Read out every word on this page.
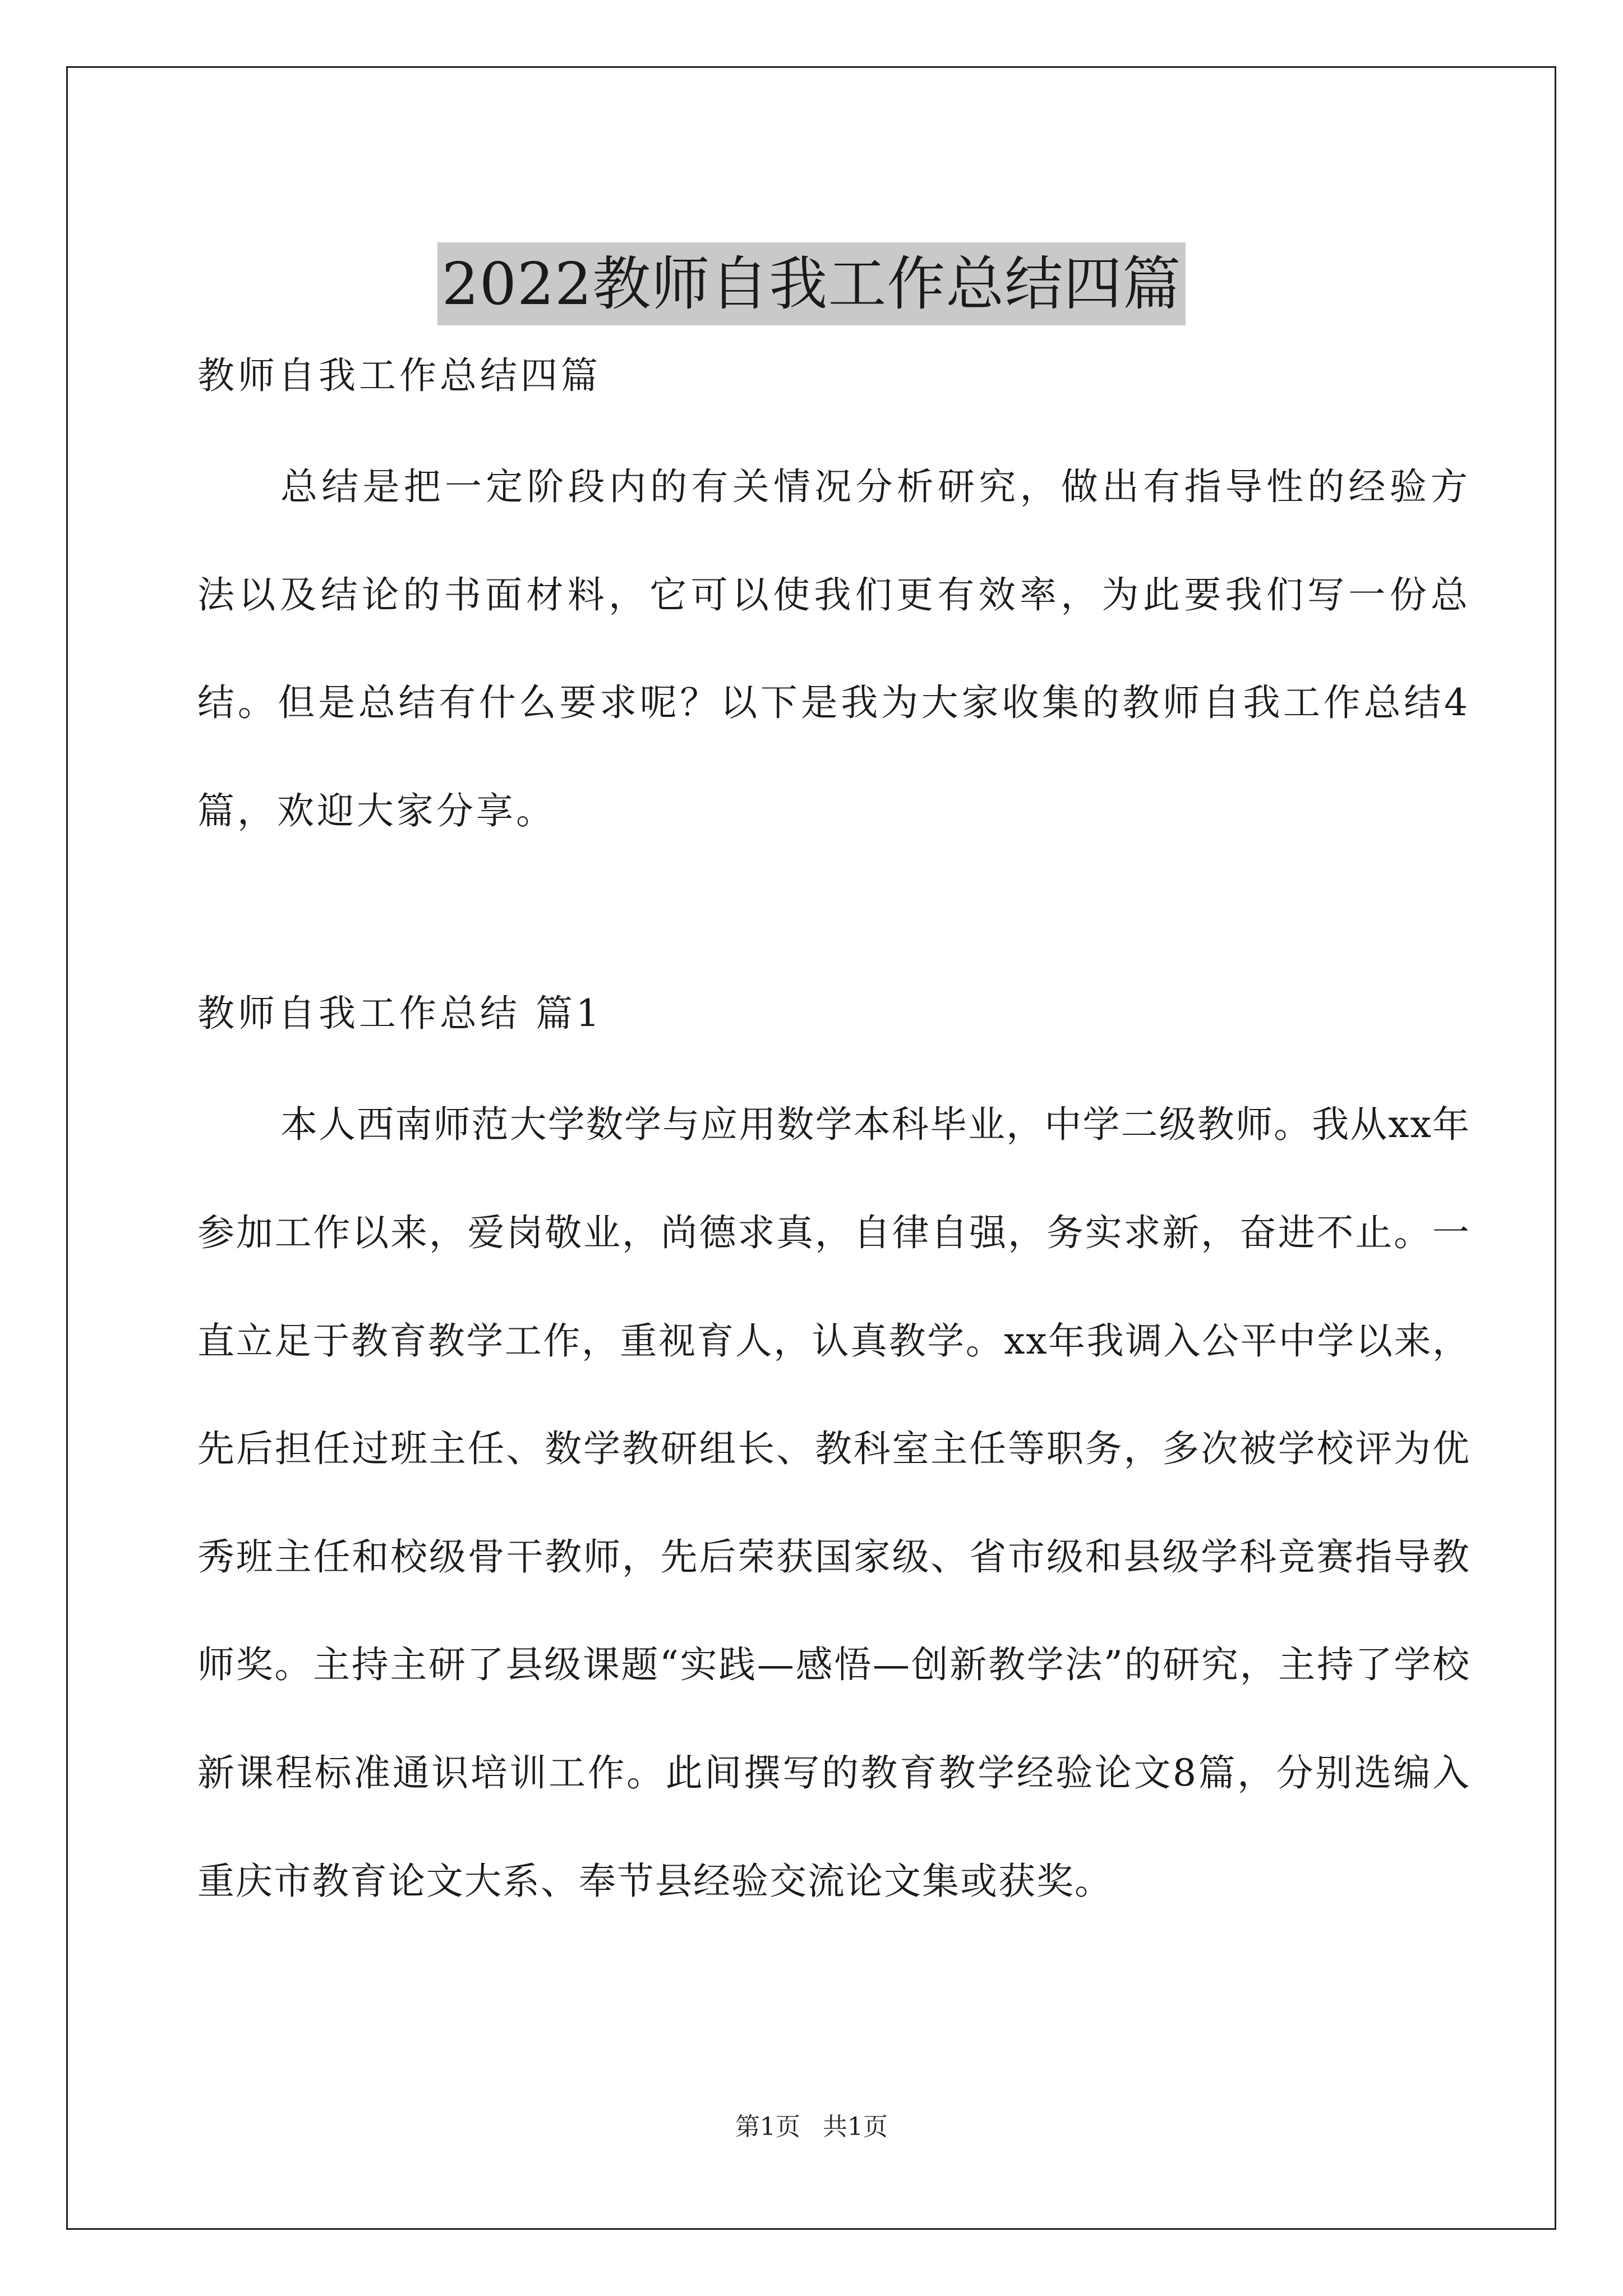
2022教师自我工作总结四篇

教师自我工作总结四篇

总结是把一定阶段内的有关情况分析研究，做出有指导性的经验方法以及结论的书面材料，它可以使我们更有效率，为此要我们写一份总结。但是总结有什么要求呢？以下是我为大家收集的教师自我工作总结4篇，欢迎大家分享。

教师自我工作总结 篇1

本人西南师范大学数学与应用数学本科毕业，中学二级教师。我从xx年参加工作以来，爱岗敬业，尚德求真，自律自强，务实求新，奋进不止。一直立足于教育教学工作，重视育人，认真教学。xx年我调入公平中学以来，先后担任过班主任、数学教研组长、教科室主任等职务，多次被学校评为优秀班主任和校级骨干教师，先后荣获国家级、省市级和县级学科竞赛指导教师奖。主持主研了县级课题“实践—感悟—创新教学法”的研究，主持了学校新课程标准通识培训工作。此间撰写的教育教学经验论文8篇，分别选编入重庆市教育论文大系、奉节县经验交流论文集或获奖。

第1页 共1页
